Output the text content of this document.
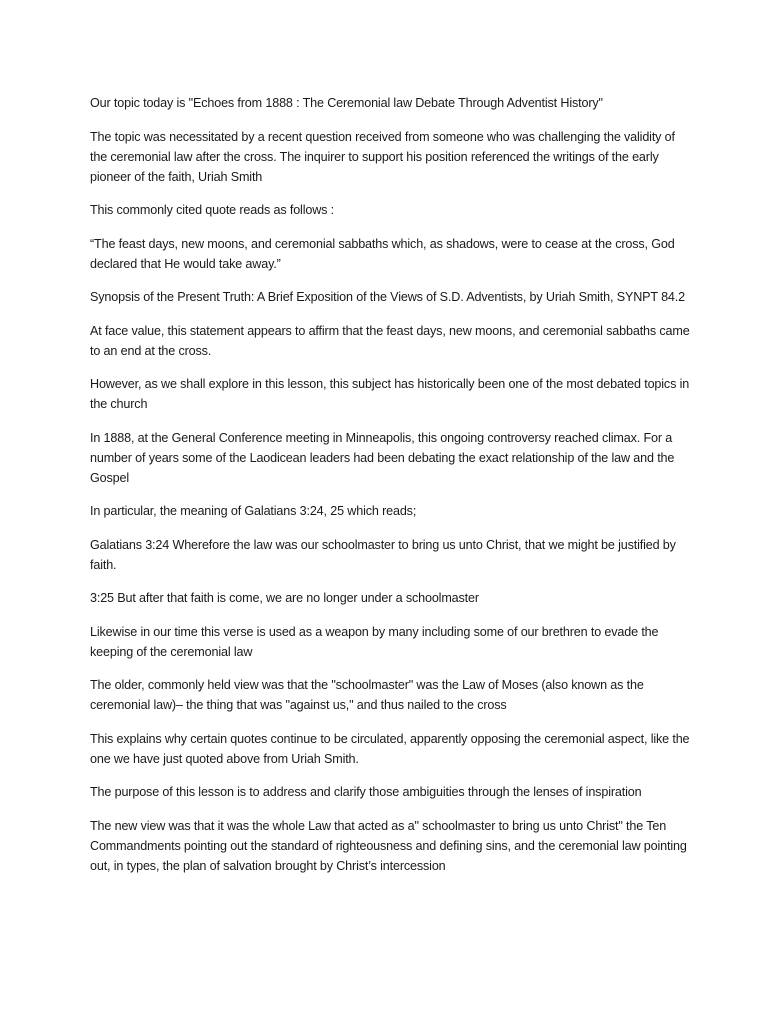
Our topic today is "Echoes from 1888 : The Ceremonial law Debate Through Adventist History"

The topic was necessitated by a recent question received from someone who was challenging the validity of the ceremonial law after the cross. The inquirer to support his position referenced the writings of the early pioneer of the faith, Uriah Smith

This commonly cited quote reads as follows :

“The feast days, new moons, and ceremonial sabbaths which, as shadows, were to cease at the cross, God declared that He would take away.”

Synopsis of the Present Truth: A Brief Exposition of the Views of S.D. Adventists, by Uriah Smith, SYNPT 84.2

At face value, this statement appears to affirm that the feast days, new moons, and ceremonial sabbaths came to an end at the cross.

However, as we shall explore in this lesson, this subject has historically been one of the most debated topics in the church

In 1888, at the General Conference meeting in Minneapolis, this ongoing controversy reached climax. For a number of years some of the Laodicean leaders had been debating the exact relationship of the law and the Gospel

In particular, the meaning of Galatians 3:24, 25 which reads;

Galatians 3:24 Wherefore the law was our schoolmaster to bring us unto Christ, that we might be justified by faith.

3:25 But after that faith is come, we are no longer under a schoolmaster

Likewise in our time this verse is used as a weapon by many including some of our brethren to evade the keeping of the ceremonial law

The older, commonly held view was that the "schoolmaster" was the Law of Moses (also known as the ceremonial law)– the thing that was "against us," and thus nailed to the cross

This explains why certain quotes continue to be circulated, apparently opposing the ceremonial aspect, like the one we have just quoted above from Uriah Smith.

The purpose of this lesson is to address and clarify those ambiguities through the lenses of inspiration

The new view was that it was the whole Law that acted as a" schoolmaster to bring us unto Christ" the Ten Commandments pointing out the standard of righteousness and defining sins, and the ceremonial law pointing out, in types, the plan of salvation brought by Christ’s intercession
